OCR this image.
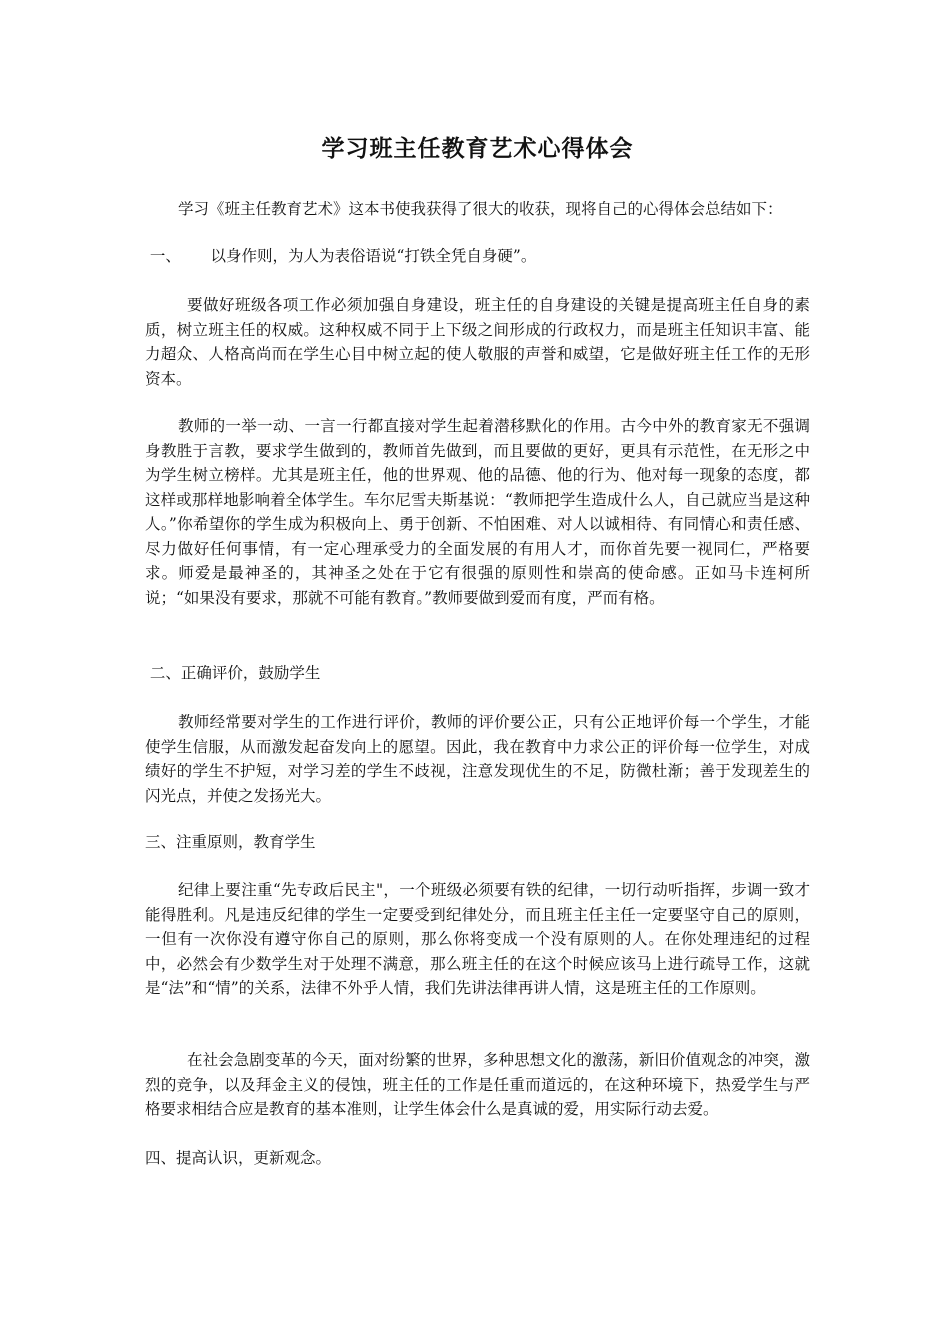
学习班主任教育艺术心得体会

学习《班主任教育艺术》这本书使我获得了很大的收获，现将自己的心得体会总结如下：

一、      以身作则，为人为表俗语说“打铁全凭自身硬”。

要做好班级各项工作必须加强自身建设，班主任的自身建设的关键是提高班主任自身的素质，树立班主任的权威。这种权威不同于上下级之间形成的行政权力，而是班主任知识丰富、能力超众、人格高尚而在学生心目中树立起的使人敬服的声誉和威望，它是做好班主任工作的无形资本。

教师的一举一动、一言一行都直接对学生起着潜移默化的作用。古今中外的教育家无不强调身教胜于言教，要求学生做到的，教师首先做到，而且要做的更好，更具有示范性，在无形之中为学生树立榜样。尤其是班主任，他的世界观、他的品德、他的行为、他对每一现象的态度，都这样或那样地影响着全体学生。车尔尼雪夫斯基说：“教师把学生造成什么人，自己就应当是这种人。”你希望你的学生成为积极向上、勇于创新、不怕困难、对人以诚相待、有同情心和责任感、尽力做好任何事情，有一定心理承受力的全面发展的有用人才，而你首先要一视同仁，严格要求。师爱是最神圣的，其神圣之处在于它有很强的原则性和崇高的使命感。正如马卡连柯所说；“如果没有要求，那就不可能有教育。”教师要做到爱而有度，严而有格。

二、正确评价，鼓励学生

教师经常要对学生的工作进行评价，教师的评价要公正，只有公正地评价每一个学生，才能使学生信服，从而激发起奋发向上的愿望。因此，我在教育中力求公正的评价每一位学生，对成绩好的学生不护短，对学习差的学生不歧视，注意发现优生的不足，防微杜渐；善于发现差生的闪光点，并使之发扬光大。

三、注重原则，教育学生

纪律上要注重“先专政后民主"，一个班级必须要有铁的纪律，一切行动听指挥，步调一致才能得胜利。凡是违反纪律的学生一定要受到纪律处分，而且班主任主任一定要坚守自己的原则，一但有一次你没有遵守你自己的原则，那么你将变成一个没有原则的人。在你处理违纪的过程中，必然会有少数学生对于处理不满意，那么班主任的在这个时候应该马上进行疏导工作，这就是“法”和“情”的关系，法律不外乎人情，我们先讲法律再讲人情，这是班主任的工作原则。

在社会急剧变革的今天，面对纷繁的世界，多种思想文化的激荡，新旧价值观念的冲突，激烈的竞争，以及拜金主义的侵蚀，班主任的工作是任重而道远的，在这种环境下，热爱学生与严格要求相结合应是教育的基本准则，让学生体会什么是真诚的爱，用实际行动去爱。

四、提高认识，更新观念。
